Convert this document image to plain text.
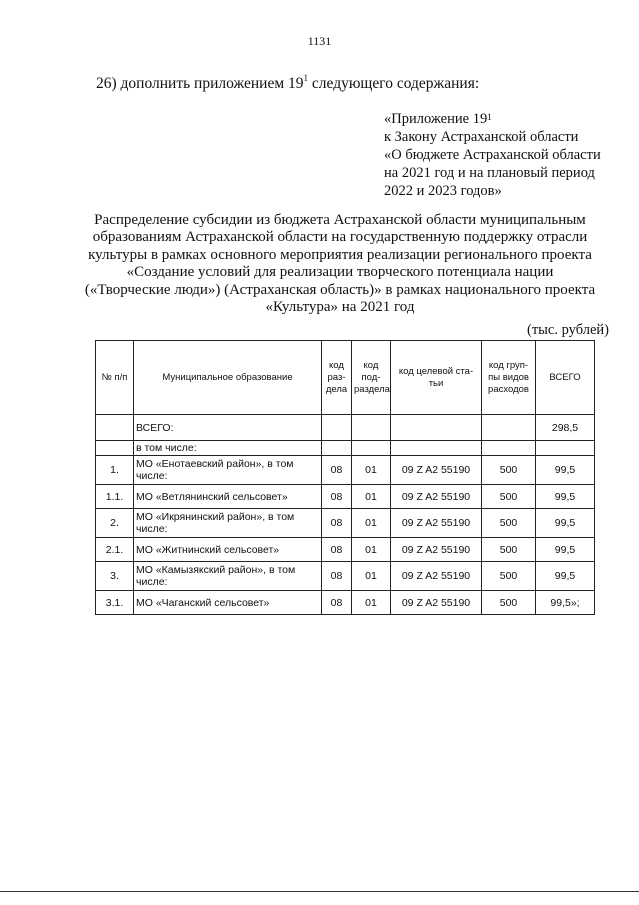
1131
26) дополнить приложением $19^1$ следующего содержания:
«Приложение $19^1$
к Закону Астраханской области
«О бюджете Астраханской области
на 2021 год и на плановый период
2022 и 2023 годов»
Распределение субсидии из бюджета Астраханской области муниципальным
образованиям Астраханской области на государственную поддержку отрасли
культуры в рамках основного мероприятия реализации регионального проекта
«Создание условий для реализации творческого потенциала нации
(«Творческие люди») (Астраханская область)» в рамках национального проекта
«Культура» на 2021 год
(тыс. рублей)
№ п/п	Муниципальное образование	код раз-дела	код под-раздела	код целевой ста-тьи	код груп-пы видов расходов	ВСЕГО
	ВСЕГО:					298,5
	в том числе:					
1.	МО «Енотаевский район», в том числе:	08	01	09 Z A2 55190	500	99,5
1.1.	МО «Ветлянинский сельсовет»	08	01	09 Z A2 55190	500	99,5
2.	МО «Икрянинский район», в том числе:	08	01	09 Z A2 55190	500	99,5
2.1.	МО «Житнинский сельсовет»	08	01	09 Z A2 55190	500	99,5
3.	МО «Камызякский район», в том числе:	08	01	09 Z A2 55190	500	99,5
3.1.	МО «Чаганский сельсовет»	08	01	09 Z A2 55190	500	99,5»;
